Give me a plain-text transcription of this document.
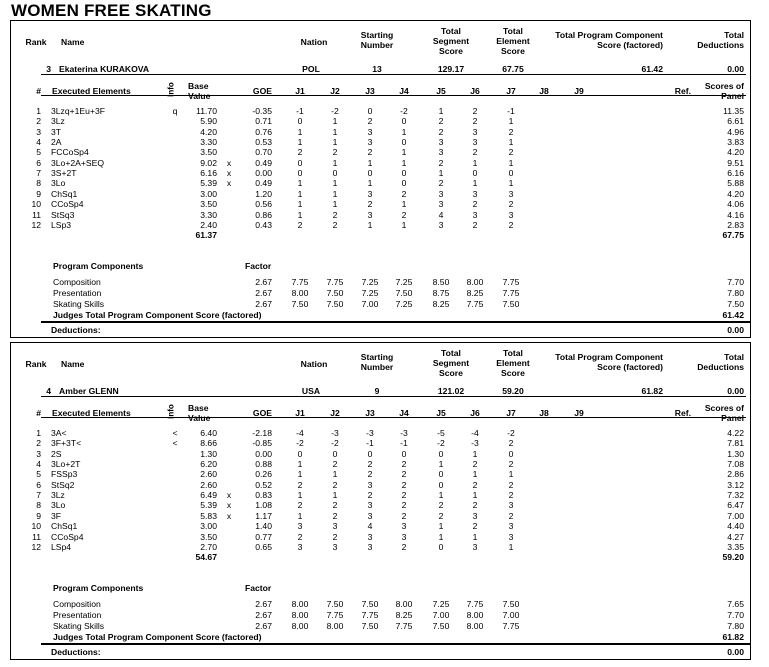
WOMEN FREE SKATING
Rank	Name	Nation
Starting
Number
Total
Segment
Score
Total
Element
Score
Total Program Component
Score (factored)
Total
Deductions
3 Ekaterina KURAKOVA	POL	13	129.17	67.75	61.42	0.00
# Executed Elements	Info Base
Value	GOE	J1	J2	J3	J4	J5	J6	J7	J8	J9	Ref.	Scores of
Panel
1 3Lzq+1Eu+3F	q	11.70	-0.35	-1	-2	0	-2	1	2	-1	11.35
2 3Lz	5.90	0.71	0	1	2	0	2	2	1	6.61
3 3T	4.20	0.76	1	1	3	1	2	3	2	4.96
4 2A	3.30	0.53	1	1	3	0	3	3	1	3.83
5 FCCoSp4	3.50	0.70	2	2	2	1	3	2	2	4.20
6 3Lo+2A+SEQ	9.02	x	0.49	0	1	1	1	2	1	1	9.51
7 3S+2T	6.16	x	0.00	0	0	0	0	1	0	0	6.16
8 3Lo	5.39	x	0.49	1	1	1	0	2	1	1	5.88
9 ChSq1	3.00	1.20	1	1	3	2	3	3	3	4.20
10 CCoSp4	3.50	0.56	1	1	2	1	3	2	2	4.06
11 StSq3	3.30	0.86	1	2	3	2	4	3	3	4.16
12 LSp3	2.40	0.43	2	2	1	1	3	2	2	2.83
61.37	67.75
Program Components	Factor
Composition	2.67	7.75	7.75	7.25	7.25	8.50	8.00	7.75	7.70
Presentation	2.67	8.00	7.50	7.25	7.50	8.75	8.25	7.75	7.80
Skating Skills	2.67	7.50	7.50	7.00	7.25	8.25	7.75	7.50	7.50
Judges Total Program Component Score (factored)	61.42
Deductions:	0.00
Rank	Name	Nation
Starting
Number
Total
Segment
Score
Total
Element
Score
Total Program Component
Score (factored)
Total
Deductions
4 Amber GLENN	USA	9	121.02	59.20	61.82	0.00
# Executed Elements	Info Base
Value	GOE	J1	J2	J3	J4	J5	J6	J7	J8	J9	Ref.	Scores of
Panel
1 3A<	<	6.40	-2.18	-4	-3	-3	-3	-5	-4	-2	4.22
2 3F+3T<	<	8.66	-0.85	-2	-2	-1	-1	-2	-3	2	7.81
3 2S	1.30	0.00	0	0	0	0	0	1	0	1.30
4 3Lo+2T	6.20	0.88	1	2	2	2	1	2	2	7.08
5 FSSp3	2.60	0.26	1	1	2	2	0	1	1	2.86
6 StSq2	2.60	0.52	2	2	3	2	0	2	2	3.12
7 3Lz	6.49	x	0.83	1	1	2	2	1	1	2	7.32
8 3Lo	5.39	x	1.08	2	2	3	2	2	2	3	6.47
9 3F	5.83	x	1.17	1	2	3	2	2	3	2	7.00
10 ChSq1	3.00	1.40	3	3	4	3	1	2	3	4.40
11 CCoSp4	3.50	0.77	2	2	3	3	1	1	3	4.27
12 LSp4	2.70	0.65	3	3	3	2	0	3	1	3.35
54.67	59.20
Program Components	Factor
Composition	2.67	8.00	7.50	7.50	8.00	7.25	7.75	7.50	7.65
Presentation	2.67	8.00	7.75	7.75	8.25	7.00	8.00	7.00	7.70
Skating Skills	2.67	8.00	8.00	7.50	7.75	7.50	8.00	7.75	7.80
Judges Total Program Component Score (factored)	61.82
Deductions:	0.00
